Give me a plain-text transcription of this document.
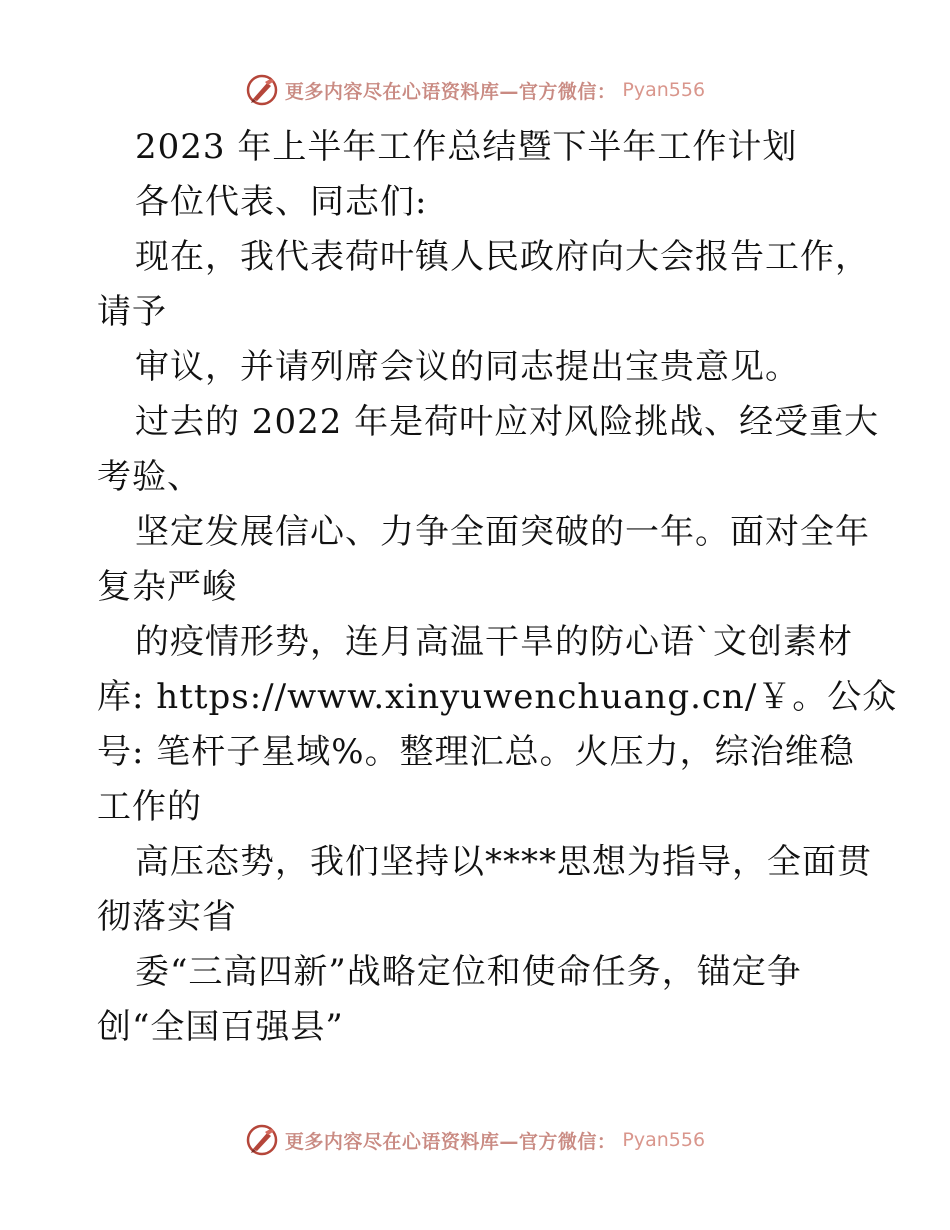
更多内容尽在心语资料库—官方微信： Pyan556
2023 年上半年工作总结暨下半年工作计划
各位代表、同志们:
现在，我代表荷叶镇人民政府向大会报告工作，
请予
审议，并请列席会议的同志提出宝贵意见。
过去的 2022 年是荷叶应对风险挑战、经受重大
考验、
坚定发展信心、力争全面突破的一年。面对全年
复杂严峻
的疫情形势，连月高温干旱的防心语`文创素材
库: https://www.xinyuwenchuang.cn/￥。公众
号: 笔杆子星域%。整理汇总。火压力，综治维稳
工作的
高压态势，我们坚持以****思想为指导，全面贯
彻落实省
委“三高四新”战略定位和使命任务，锚定争
创“全国百强县”
更多内容尽在心语资料库—官方微信： Pyan556
